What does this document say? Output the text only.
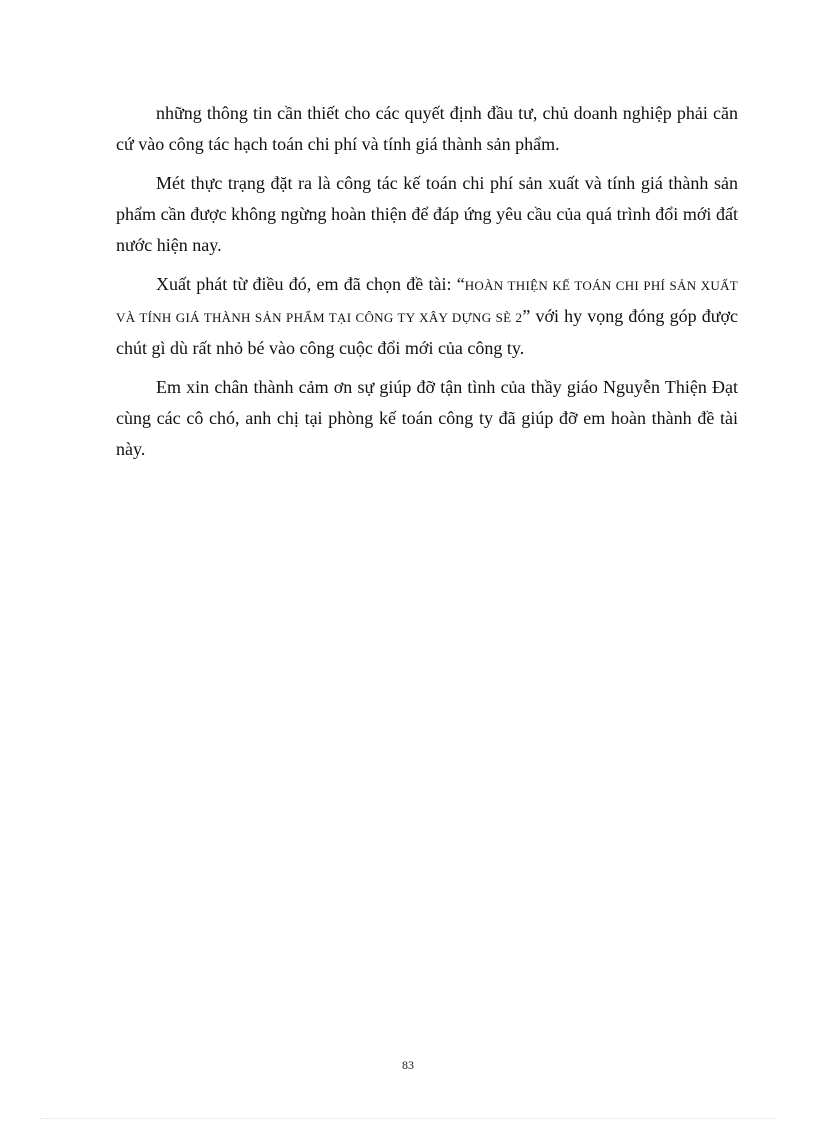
những thông tin cần thiết cho các quyết định đầu tư, chủ doanh nghiệp phải căn cứ vào công tác hạch toán chi phí và tính giá thành sản phẩm.

Mét thực trạng đặt ra là công tác kế toán chi phí sản xuất và tính giá thành sản phẩm cần được không ngừng hoàn thiện để đáp ứng yêu cầu của quá trình đổi mới đất nước hiện nay.

Xuất phát từ điều đó, em đã chọn đề tài: “HOÀN THIỆN KẾ TOÁN CHI PHÍ SẢN XUẤT VÀ TÍNH GIÁ THÀNH SẢN PHẨM TẠI CÔNG TY XÂY DỰNG SÈ 2” với hy vọng đóng góp được chút gì dù rất nhỏ bé vào công cuộc đổi mới của công ty.

Em xin chân thành cảm ơn sự giúp đỡ tận tình của thầy giáo Nguyễn Thiện Đạt cùng các cô chó, anh chị tại phòng kế toán công ty đã giúp đỡ em hoàn thành đề tài này.

83
